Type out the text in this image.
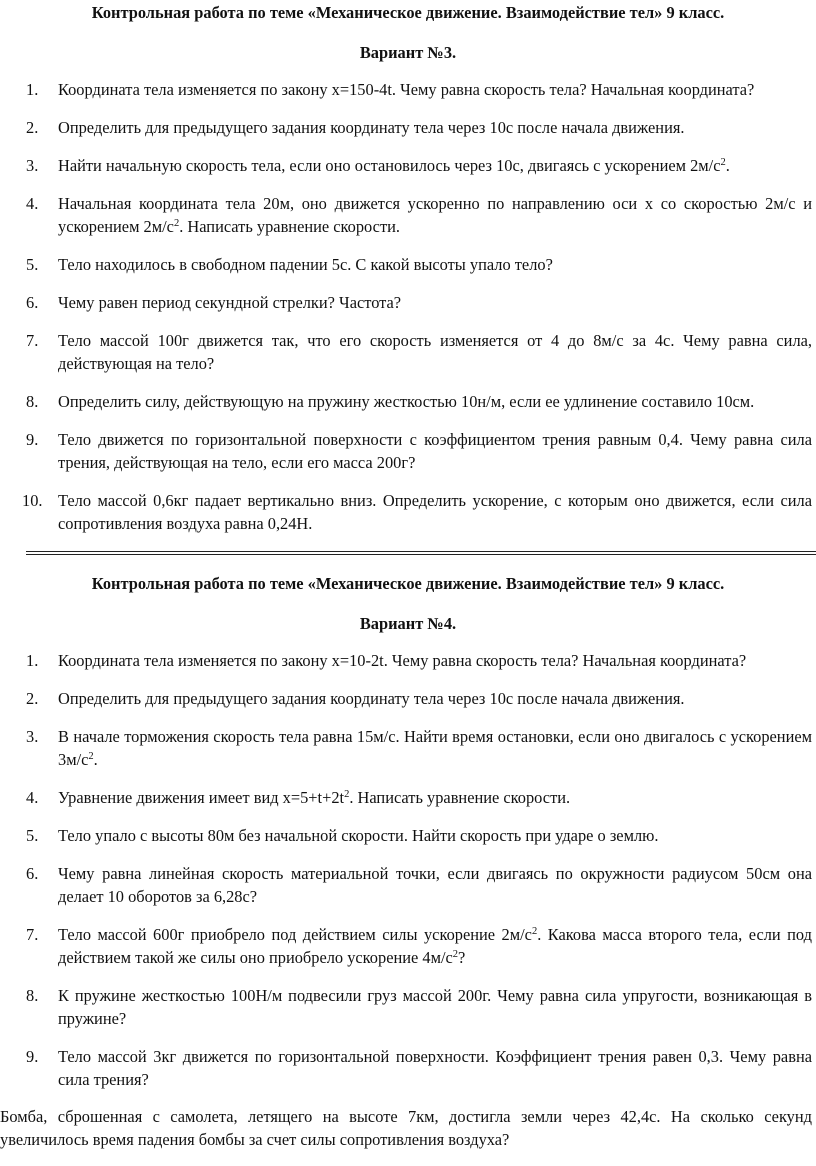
Контрольная работа по теме «Механическое движение. Взаимодействие тел» 9 класс.

Вариант №3.

1.	Координата тела изменяется по закону x=150-4t. Чему равна скорость тела? Начальная координата?
2.	Определить для предыдущего задания координату тела через 10с после начала движения.
3.	Найти начальную скорость тела, если оно остановилось через 10с, двигаясь с ускорением $2м/с^2$.
4.	Начальная координата тела 20м, оно движется ускоренно по направлению оси x со скоростью 2м/с и ускорением $2м/с^2$. Написать уравнение скорости.
5.	Тело находилось в свободном падении 5с. С какой высоты упало тело?
6.	Чему равен период секундной стрелки? Частота?
7.	Тело массой 100г движется так, что его скорость изменяется от 4 до 8м/с за 4с. Чему равна сила, действующая на тело?
8.	Определить силу, действующую на пружину жесткостью 10н/м, если ее удлинение составило 10см.
9.	Тело движется по горизонтальной поверхности с коэффициентом трения равным 0,4. Чему равна сила трения, действующая на тело, если его масса 200г?
10. Тело массой 0,6кг падает вертикально вниз. Определить ускорение, с которым оно движется, если сила сопротивления воздуха равна 0,24Н.

Контрольная работа по теме «Механическое движение. Взаимодействие тел» 9 класс.

Вариант №4.

1.	Координата тела изменяется по закону x=10-2t. Чему равна скорость тела? Начальная координата?
2.	Определить для предыдущего задания координату тела через 10с после начала движения.
3.	В начале торможения скорость тела равна 15м/с. Найти время остановки, если оно двигалось с ускорением $3м/с^2$.
4.	Уравнение движения имеет вид $x=5+t+2t^2$. Написать уравнение скорости.
5.	Тело упало с высоты 80м без начальной скорости. Найти скорость при ударе о землю.
6.	Чему равна линейная скорость материальной точки, если двигаясь по окружности радиусом 50см она делает 10 оборотов за 6,28с?
7.	Тело массой 600г приобрело под действием силы ускорение $2м/с^2$. Какова масса второго тела, если под действием такой же силы оно приобрело ускорение $4м/с^2$?
8.	К пружине жесткостью 100Н/м подвесили груз массой 200г. Чему равна сила упругости, возникающая в пружине?
9.	Тело массой 3кг движется по горизонтальной поверхности. Коэффициент трения равен 0,3. Чему равна сила трения?

Бомба, сброшенная с самолета, летящего на высоте 7км, достигла земли через 42,4с. На сколько секунд увеличилось время падения бомбы за счет силы сопротивления воздуха?
